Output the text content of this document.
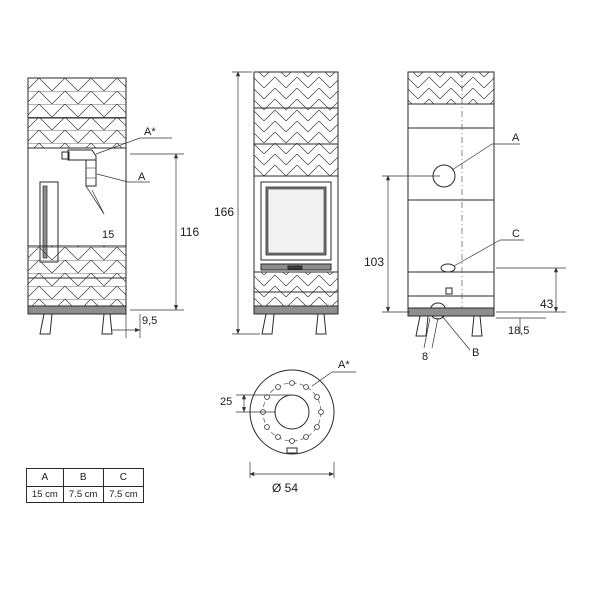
A*
A
15	116
9,5
166
A
C
B
103
43
18,5
8
A*
25
Ø 54
A	B	C
15 cm	7.5 cm	7.5 cm
